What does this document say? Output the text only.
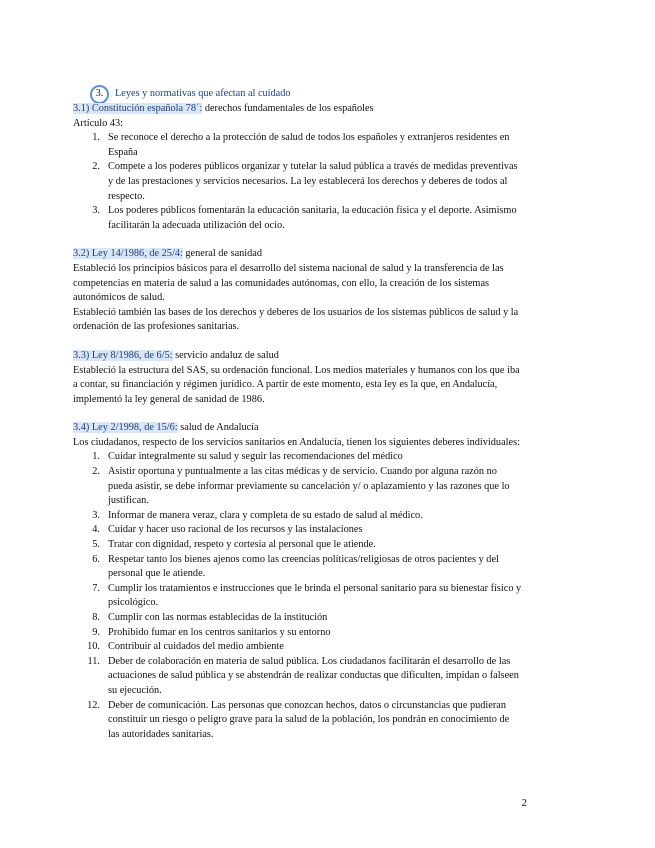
3.	Leyes y normativas que afectan al cuidado

3.1) Constitución española 78´: derechos fundamentales de los españoles

Artículo 43:

1. Se reconoce el derecho a la protección de salud de todos los españoles y extranjeros residentes en España
2. Compete a los poderes públicos organizar y tutelar la salud pública a través de medidas preventivas y de las prestaciones y servicios necesarios. La ley establecerá los derechos y deberes de todos al respecto.
3. Los poderes públicos fomentarán la educación sanitaria, la educación física y el deporte. Asimismo facilitarán la adecuada utilización del ocio.

3.2) Ley 14/1986, de 25/4: general de sanidad

Estableció los principios básicos para el desarrollo del sistema nacional de salud y la transferencia de las competencias en materia de salud a las comunidades autónomas, con ello, la creación de los sistemas autonómicos de salud.

Estableció también las bases de los derechos y deberes de los usuarios de los sistemas públicos de salud y la ordenación de las profesiones sanitarias.

3.3) Ley 8/1986, de 6/5: servicio andaluz de salud

Estableció la estructura del SAS, su ordenación funcional. Los medios materiales y humanos con los que iba a contar, su financiación y régimen jurídico. A partir de este momento, esta ley es la que, en Andalucía, implementó la ley general de sanidad de 1986.

3.4) Ley 2/1998, de 15/6: salud de Andalucía

Los ciudadanos, respecto de los servicios sanitarios en Andalucía, tienen los siguientes deberes individuales:

1. Cuidar integralmente su salud y seguir las recomendaciones del médico
2. Asistir oportuna y puntualmente a las citas médicas y de servicio. Cuando por alguna razón no pueda asistir, se debe informar previamente su cancelación y/ o aplazamiento y las razones que lo justifican.
3. Informar de manera veraz, clara y completa de su estado de salud al médico.
4. Cuidar y hacer uso racional de los recursos y las instalaciones
5. Tratar con dignidad, respeto y cortesía al personal que le atiende.
6. Respetar tanto los bienes ajenos como las creencias políticas/religiosas de otros pacientes y del personal que le atiende.
7. Cumplir los tratamientos e instrucciones que le brinda el personal sanitario para su bienestar físico y psicológico.
8. Cumplir con las normas establecidas de la institución
9. Prohibido fumar en los centros sanitarios y su entorno
10. Contribuir al cuidados del medio ambiente
11. Deber de colaboración en materia de salud pública. Los ciudadanos facilitarán el desarrollo de las actuaciones de salud pública y se abstendrán de realizar conductas que dificulten, impidan o falseen su ejecución.
12. Deber de comunicación. Las personas que conozcan hechos, datos o circunstancias que pudieran constituir un riesgo o peligro grave para la salud de la población, los pondrán en conocimiento de las autoridades sanitarias.
2
